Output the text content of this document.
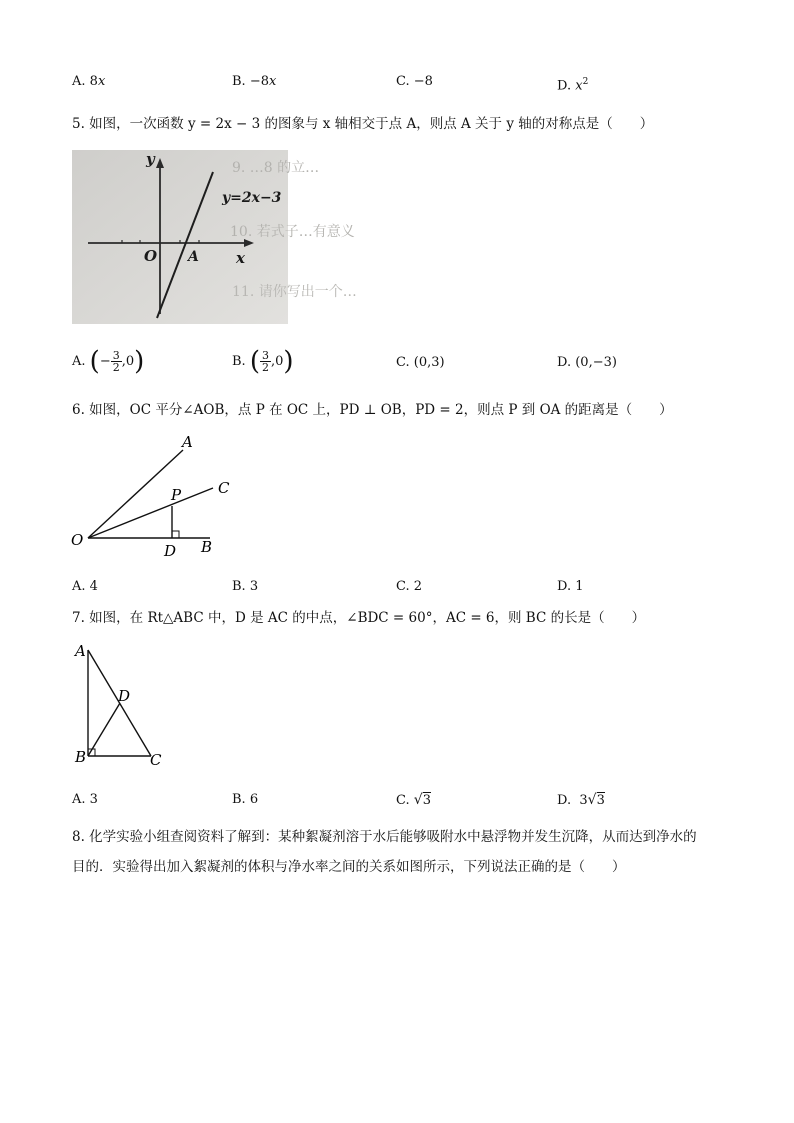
A. 8x	B. −8x	C. −8	D. $x^2$
5. 如图，一次函数 y = 2x − 3 的图象与 x 轴相交于点 A，则点 A 关于 y 轴的对称点是（　　）
9. …8 的立…
10. 若式子…有意义
11. 请你写出一个…
y
x
O A
y=2x−3
A. (− $\frac{3}{2} ,0$)	B. ( $\frac{3}{2} ,0$)	C. (0,3)	D. (0,−3)
6. 如图，OC 平分∠AOB，点 P 在 OC 上，PD ⊥ OB，PD = 2，则点 P 到 OA 的距离是（　　）
A
C
P
O
D B
A. 4	B. 3	C. 2	D. 1
7. 如图，在 Rt△ABC 中，D 是 AC 的中点，∠BDC = 60°，AC = 6，则 BC 的长是（　　）
A
D
B	C
A. 3	B. 6	C. √3	D. 3√3
8. 化学实验小组查阅资料了解到：某种絮凝剂溶于水后能够吸附水中悬浮物并发生沉降，从而达到净水的
目的．实验得出加入絮凝剂的体积与净水率之间的关系如图所示，下列说法正确的是（　　）
